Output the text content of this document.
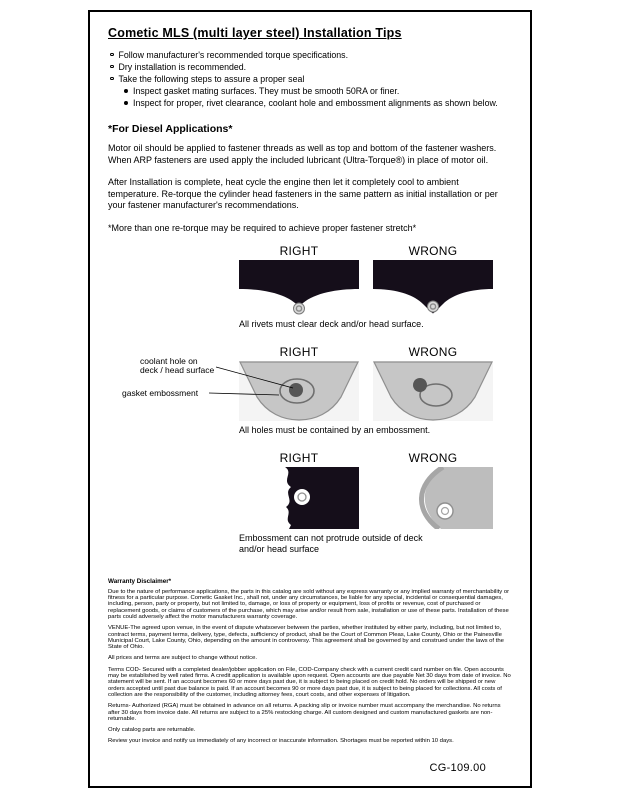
Cometic MLS (multi layer steel) Installation Tips
Follow manufacturer's recommended torque specifications.
Dry installation is recommended.
Take the following steps to assure a proper seal
Inspect gasket mating surfaces. They must be smooth 50RA or finer.
Inspect for proper, rivet clearance, coolant hole and embossment alignments as shown below.
*For Diesel Applications*

Motor oil should be applied to fastener threads as well as top and bottom of the fastener washers. When ARP fasteners are used apply the included lubricant (Ultra-Torque®) in place of motor oil.

After Installation is complete, heat cycle the engine then let it completely cool to ambient temperature. Re-torque the cylinder head fasteners in the same pattern as initial installation or per your fastener manufacturer's recommendations.

*More than one re-torque may be required to achieve proper fastener stretch*

RIGHT	WRONG
All rivets must clear deck and/or head surface.
RIGHT	WRONG
All holes must be contained by an embossment.
coolant hole on
deck / head surface
gasket embossment
RIGHT	WRONG
Embossment can not protrude outside of deck
and/or head surface
Warranty Disclaimer*

Due to the nature of performance applications, the parts in this catalog are sold without any express warranty or any implied warranty of merchantability or fitness for a particular purpose. Cometic Gasket Inc., shall not, under any circumstances, be liable for any special, incidental or consequential damages, including, person, party or property, but not limited to, damage, or loss of property or equipment, loss of profits or revenue, cost of purchased or replacement goods, or claims of customers of the purchase, which may arise and/or result from sale, installation or use of these parts. Installation of these parts could adversely affect the motor manufacturers warranty coverage.

VENUE-The agreed upon venue, in the event of dispute whatsoever between the parties, whether instituted by either party, including, but not limited to, contract terms, payment terms, delivery, type, defects, sufficiency of product, shall be the Court of Common Pleas, Lake County, Ohio or the Painesville Municipal Court, Lake County, Ohio, depending on the amount in controversy. This agreement shall be governed by and construed under the laws of the State of Ohio.

All prices and terms are subject to change without notice.

Terms COD- Secured with a completed dealer/jobber application on File, COD-Company check with a current credit card number on file. Open accounts may be established by well rated firms. A credit application is available upon request. Open accounts are due payable Net 30 days from date of invoice. No statement will be sent. If an account becomes 60 or more days past due, it is subject to being placed on credit hold. No orders will be shipped or new orders accepted until past due balance is paid. If an account becomes 90 or more days past due, it is subject to being placed for collections. All costs of collection are the responsibility of the customer, including attorney fees, court costs, and other expenses of litigation.

Returns- Authorized (RGA) must be obtained in advance on all returns. A packing slip or invoice number must accompany the merchandise. No returns after 30 days from invoice date. All returns are subject to a 25% restocking charge. All custom designed and custom manufactured gaskets are non-returnable.

Only catalog parts are returnable.

Review your invoice and notify us immediately of any incorrect or inaccurate information. Shortages must be reported within 10 days.

CG-109.00
